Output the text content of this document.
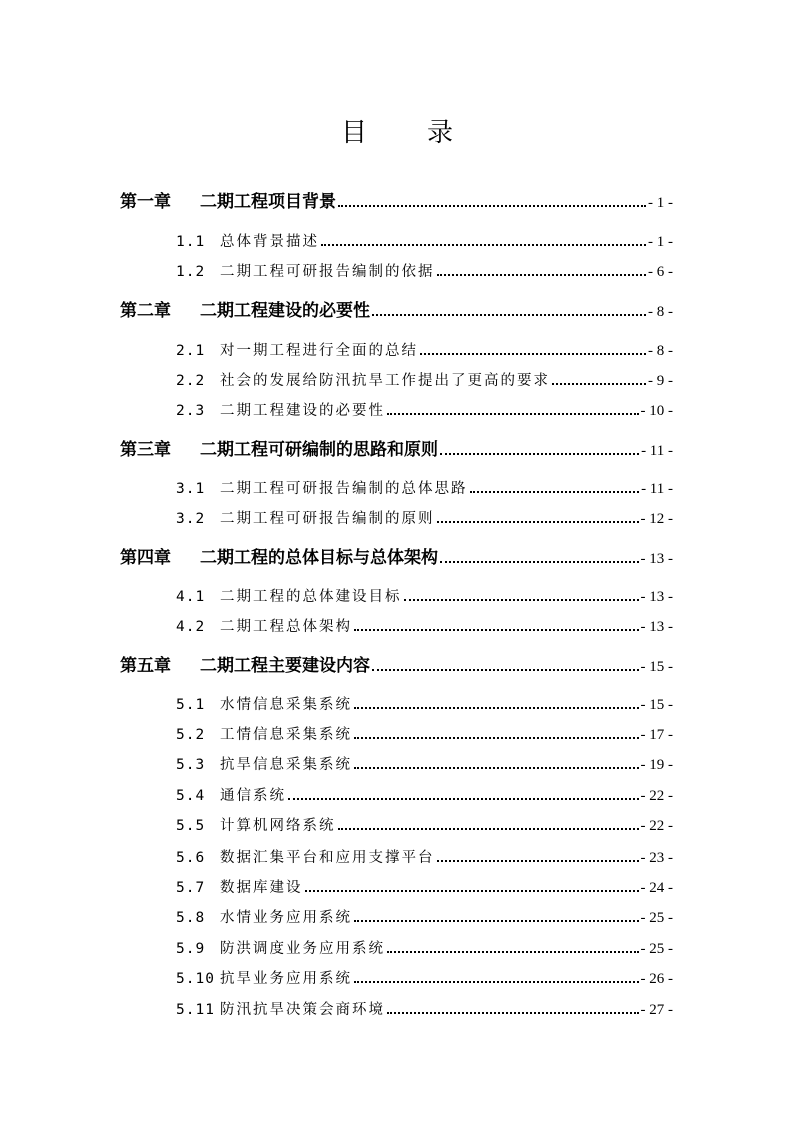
目 录
第一章 二期工程项目背景	- 1 -
1.1 总体背景描述	- 1 -
1.2 二期工程可研报告编制的依据	- 6 -
第二章 二期工程建设的必要性	- 8 -
2.1 对一期工程进行全面的总结	- 8 -
2.2 社会的发展给防汛抗旱工作提出了更高的要求	- 9 -
2.3 二期工程建设的必要性	- 10 -
第三章 二期工程可研编制的思路和原则	- 11 -
3.1 二期工程可研报告编制的总体思路	- 11 -
3.2 二期工程可研报告编制的原则	- 12 -
第四章 二期工程的总体目标与总体架构	- 13 -
4.1 二期工程的总体建设目标	- 13 -
4.2 二期工程总体架构	- 13 -
第五章 二期工程主要建设内容	- 15 -
5.1 水情信息采集系统	- 15 -
5.2 工情信息采集系统	- 17 -
5.3 抗旱信息采集系统	- 19 -
5.4 通信系统	- 22 -
5.5 计算机网络系统	- 22 -
5.6 数据汇集平台和应用支撑平台	- 23 -
5.7 数据库建设	- 24 -
5.8 水情业务应用系统	- 25 -
5.9 防洪调度业务应用系统	- 25 -
5.10 抗旱业务应用系统	- 26 -
5.11 防汛抗旱决策会商环境	- 27 -
